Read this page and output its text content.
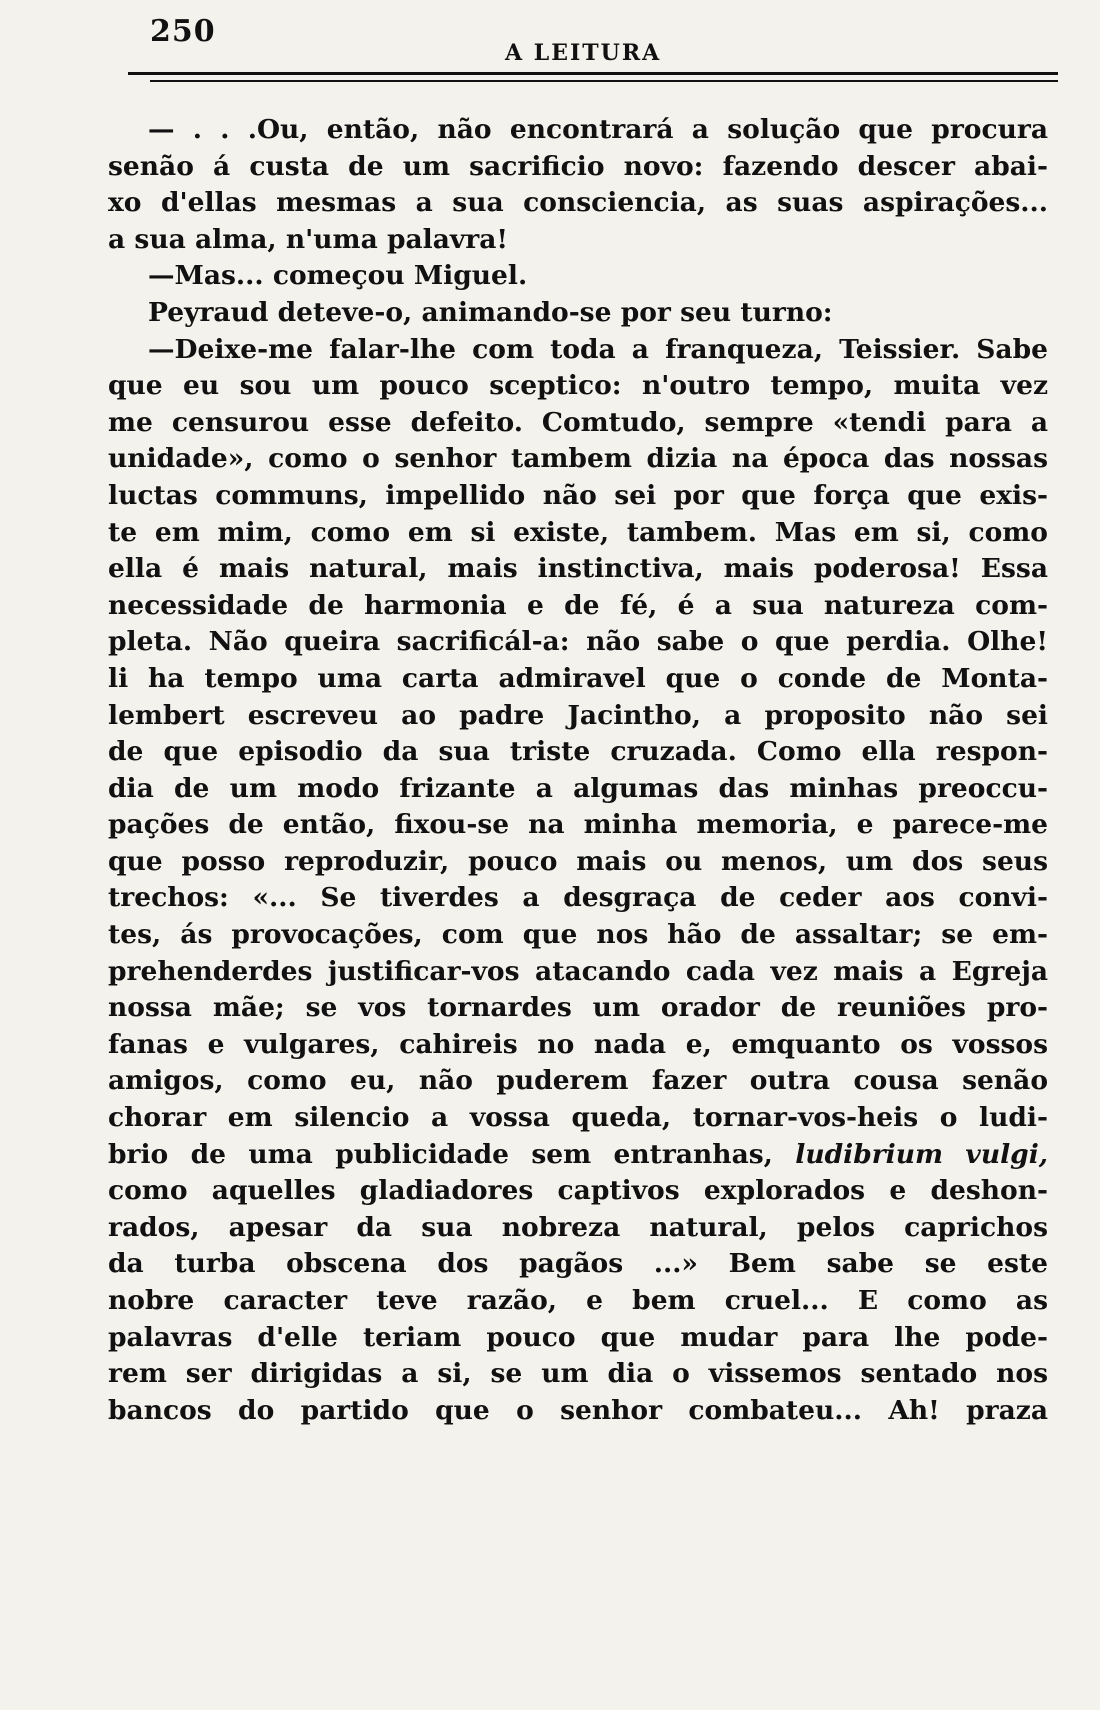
250
A LEITURA
— . . .Ou, então, não encontrará a solução que procura
senão á custa de um sacrificio novo: fazendo descer abai-
xo d'ellas mesmas a sua consciencia, as suas aspirações...
a sua alma, n'uma palavra!
—Mas... começou Miguel.
Peyraud deteve-o, animando-se por seu turno:
—Deixe-me falar-lhe com toda a franqueza, Teissier. Sabe
que eu sou um pouco sceptico: n'outro tempo, muita vez
me censurou esse defeito. Comtudo, sempre «tendi para a
unidade», como o senhor tambem dizia na época das nossas
luctas communs, impellido não sei por que força que exis-
te em mim, como em si existe, tambem. Mas em si, como
ella é mais natural, mais instinctiva, mais poderosa! Essa
necessidade de harmonia e de fé, é a sua natureza com-
pleta. Não queira sacrificál-a: não sabe o que perdia. Olhe!
li ha tempo uma carta admiravel que o conde de Monta-
lembert escreveu ao padre Jacintho, a proposito não sei
de que episodio da sua triste cruzada. Como ella respon-
dia de um modo frizante a algumas das minhas preoccu-
pações de então, fixou-se na minha memoria, e parece-me
que posso reproduzir, pouco mais ou menos, um dos seus
trechos: «... Se tiverdes a desgraça de ceder aos convi-
tes, ás provocações, com que nos hão de assaltar; se em-
prehenderdes justificar-vos atacando cada vez mais a Egreja
nossa mãe; se vos tornardes um orador de reuniões pro-
fanas e vulgares, cahireis no nada e, emquanto os vossos
amigos, como eu, não puderem fazer outra cousa senão
chorar em silencio a vossa queda, tornar-vos-heis o ludi-
brio de uma publicidade sem entranhas, ludibrium vulgi,
como aquelles gladiadores captivos explorados e deshon-
rados, apesar da sua nobreza natural, pelos caprichos
da turba obscena dos pagãos ...» Bem sabe se este
nobre caracter teve razão, e bem cruel... E como as
palavras d'elle teriam pouco que mudar para lhe pode-
rem ser dirigidas a si, se um dia o vissemos sentado nos
bancos do partido que o senhor combateu... Ah! praza
